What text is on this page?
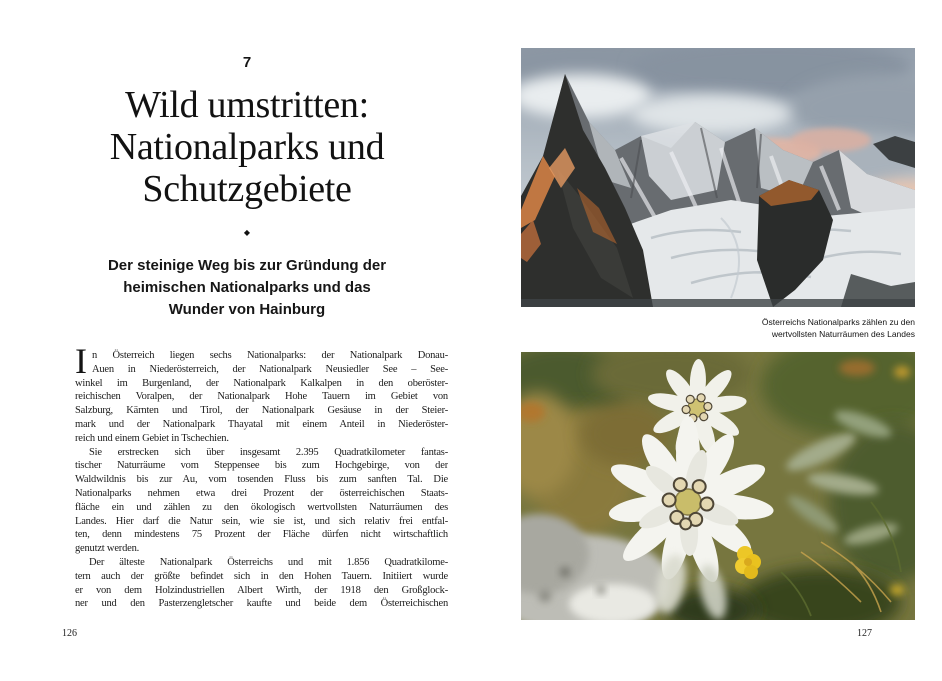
7
Wild umstritten:
Nationalparks und
Schutzgebiete
◆
Der steinige Weg bis zur Gründung der
heimischen Nationalparks und das
Wunder von Hainburg
I n Österreich liegen sechs Nationalparks: der Nationalpark Donau-
Auen in Niederösterreich, der Nationalpark Neusiedler See – See-
winkel im Burgenland, der Nationalpark Kalkalpen in den oberöster-
reichischen Voralpen, der Nationalpark Hohe Tauern im Gebiet von
Salzburg, Kärnten und Tirol, der Nationalpark Gesäuse in der Steier-
mark und der Nationalpark Thayatal mit einem Anteil in Niederöster-
reich und einem Gebiet in Tschechien.
Sie erstrecken sich über insgesamt 2.395 Quadratkilometer fantas-
tischer Naturräume vom Steppensee bis zum Hochgebirge, von der
Waldwildnis bis zur Au, vom tosenden Fluss bis zum sanften Tal. Die
Nationalparks nehmen etwa drei Prozent der österreichischen Staats-
fläche ein und zählen zu den ökologisch wertvollsten Naturräumen des
Landes. Hier darf die Natur sein, wie sie ist, und sich relativ frei entfal-
ten, denn mindestens 75 Prozent der Fläche dürfen nicht wirtschaftlich
genutzt werden.
Der älteste Nationalpark Österreichs und mit 1.856 Quadratkilome-
tern auch der größte befindet sich in den Hohen Tauern. Initiiert wurde
er von dem Holzindustriellen Albert Wirth, der 1918 den Großglock-
ner und den Pasterzengletscher kaufte und beide dem Österreichischen
126
Österreichs Nationalparks zählen zu den
wertvollsten Naturräumen des Landes
127
